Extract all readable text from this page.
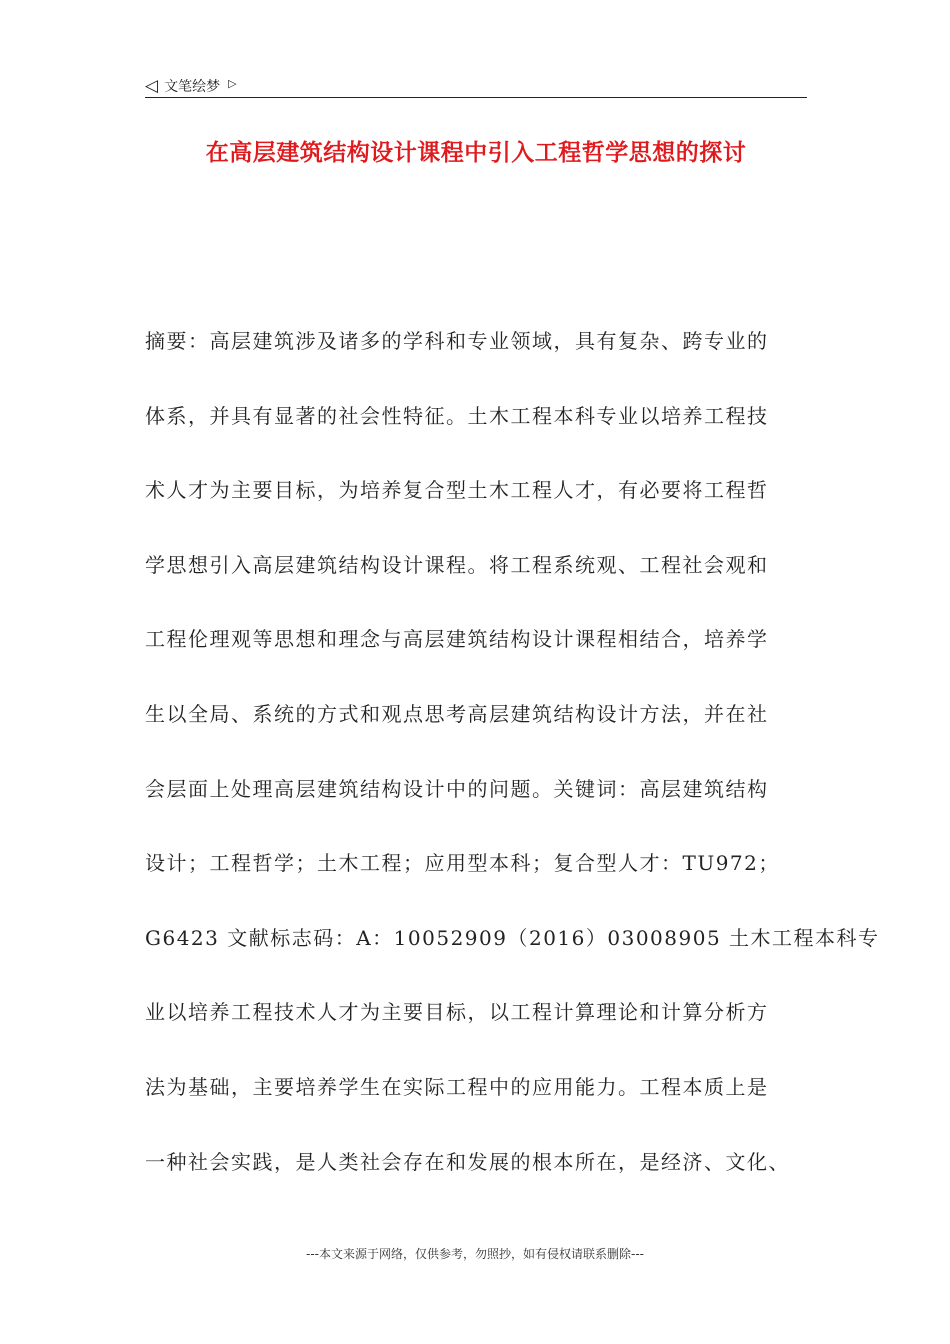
◁ 文笔绘梦 ▷
在高层建筑结构设计课程中引入工程哲学思想的探讨
摘要：高层建筑涉及诸多的学科和专业领域，具有复杂、跨专业的
体系，并具有显著的社会性特征。土木工程本科专业以培养工程技
术人才为主要目标，为培养复合型土木工程人才，有必要将工程哲
学思想引入高层建筑结构设计课程。将工程系统观、工程社会观和
工程伦理观等思想和理念与高层建筑结构设计课程相结合，培养学
生以全局、系统的方式和观点思考高层建筑结构设计方法，并在社
会层面上处理高层建筑结构设计中的问题。关键词：高层建筑结构
设计；工程哲学；土木工程；应用型本科；复合型人才：TU972；
G6423 文献标志码：A：10052909（2016）03008905 土木工程本科专
业以培养工程技术人才为主要目标，以工程计算理论和计算分析方
法为基础，主要培养学生在实际工程中的应用能力。工程本质上是
一种社会实践，是人类社会存在和发展的根本所在，是经济、文化、
---本文来源于网络，仅供参考，勿照抄，如有侵权请联系删除---
